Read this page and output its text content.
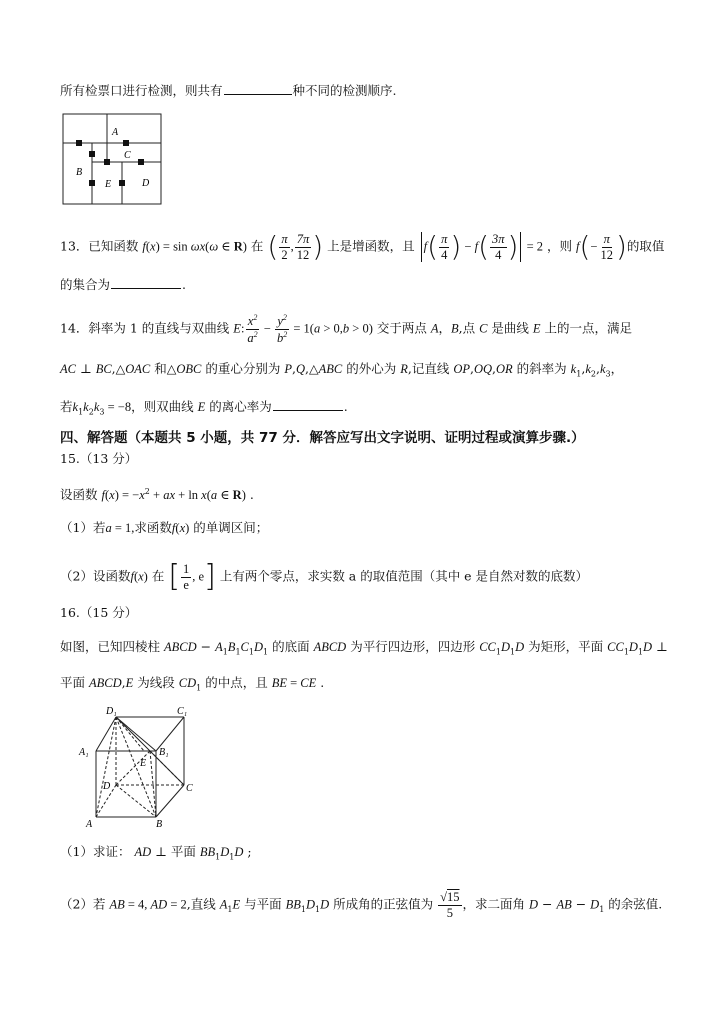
所有检票口进行检测，则共有	种不同的检测顺序.
A
B
C
D
E
13．已知函数 f(x) = sin ωx(ω ∈ R) 在 ( $\frac{\pi}{2}$ , $\frac{7\pi}{12}$ ) 上是增函数，且 $f( \frac{\pi}{4}$ ) − $f( \frac{3\pi}{4}$ ) = 2 ，则 $f(- \frac{\pi}{12}$ )的取值
的集合为	.
14．斜率为 1 的直线与双曲线 E: $\frac{x^2}{a^2} - \frac{y^2}{b^2} = 1(a > 0,b > 0)$ 交于两点 A，B,点 C 是曲线 E 上的一点，满足
AC ⊥ BC,△OAC 和△OBC 的重心分别为 P,Q,△ABC 的外心为 R,记直线 OP,OQ,OR 的斜率为 $k_1,k_2,k_3$，
若$k_1k_2k_3 = -8$，则双曲线 E 的离心率为	.
四、解答题（本题共 5 小题，共 77 分．解答应写出文字说明、证明过程或演算步骤.）
15.（13 分）
设函数 $f(x) = -x^2$ + ax + ln x(a ∈ R) .
（1）若a = 1,求函数f(x) 的单调区间；
（2）设函数f(x) 在 [ $\frac{1}{e}$ , e] 上有两个零点，求实数 a 的取值范围（其中 e 是自然对数的底数）
16.（15 分）
如图，已知四棱柱 ABCD − $A_1B_1C_1D_1$ 的底面 ABCD 为平行四边形，四边形 $CC_1D_1D$ 为矩形，平面 $CC_1D_1D$ ⊥
平面 ABCD,E 为线段 $CD_1$ 的中点，且 BE = CE .
D₁	C₁
A₁	B₁
E
D	C
A	B
（1）求证： AD ⊥ 平面 $BB_1D_1D$ ;
（2）若 AB = 4, AD = 2,直线 $A_1E$ 与平面 $BB_1D_1D$ 所成角的正弦值为 $\frac{√15}{5}$ ，求二面角 D − AB − $D_1$ 的余弦值.
